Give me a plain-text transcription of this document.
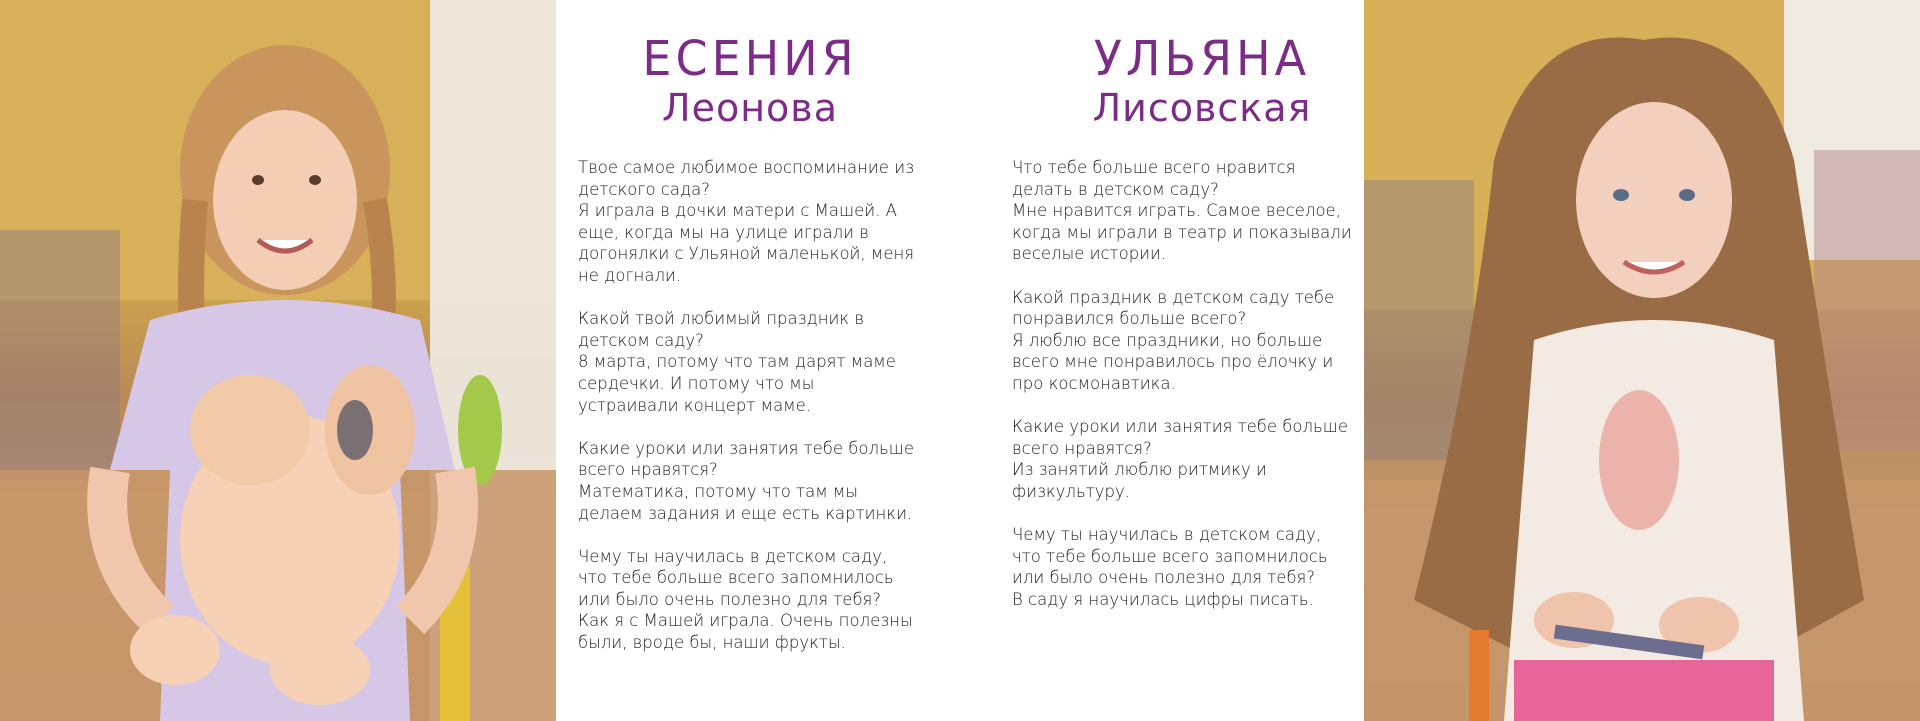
ЕСЕНИЯ
Леонова

Твое самое любимое воспоминание из детского сада?

Я играла в дочки матери с Машей. А еще, когда мы на улице играли в догонялки с Ульяной маленькой, меня не догнали.

Какой твой любимый праздник в детском саду?

8 марта, потому что там дарят маме сердечки. И потому что мы устраивали концерт маме.

Какие уроки или занятия тебе больше всего нравятся?

Математика, потому что там мы делаем задания и еще есть картинки.

Чему ты научилась в детском саду, что тебе больше всего запомнилось или было очень полезно для тебя?

Как я с Машей играла. Очень полезны были, вроде бы, наши фрукты.

УЛЬЯНА
Лисовская

Что тебе больше всего нравится делать в детском саду?

Мне нравится играть. Самое веселое, когда мы играли в театр и показывали веселые истории.

Какой праздник в детском саду тебе понравился больше всего?

Я люблю все праздники, но больше всего мне понравилось про ёлочку и про космонавтика.

Какие уроки или занятия тебе больше всего нравятся?

Из занятий люблю ритмику и физкультуру.

Чему ты научилась в детском саду, что тебе больше всего запомнилось или было очень полезно для тебя?

В саду я научилась цифры писать.
